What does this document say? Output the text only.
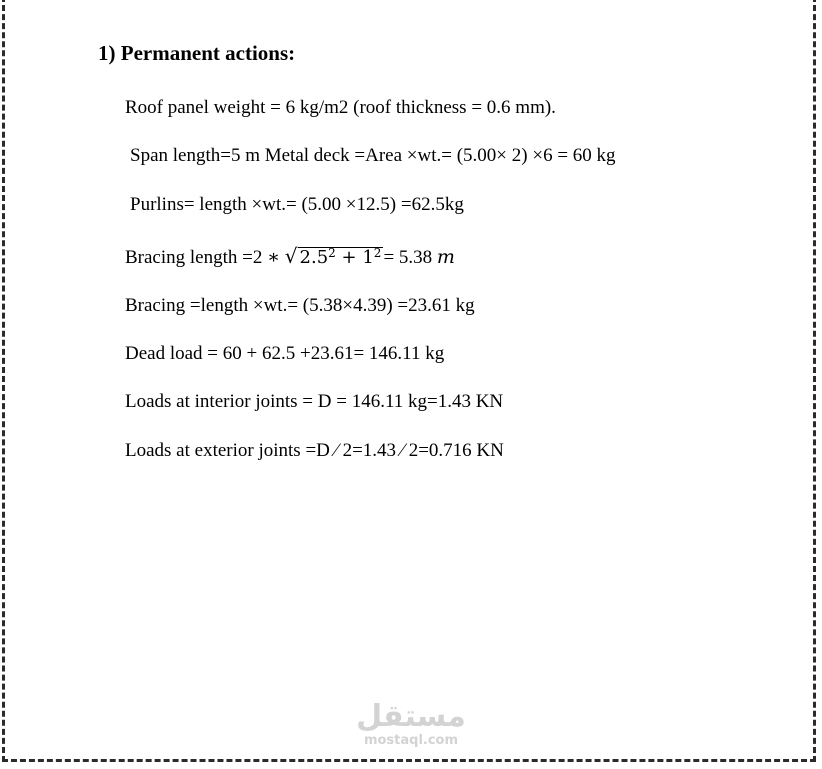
1) Permanent actions:
Roof panel weight = 6 kg/m2 (roof thickness = 0.6 mm).
Span length=5 m Metal deck =Area ×wt.= (5.00× 2) ×6 = 60 kg
Purlins= length ×wt.= (5.00 ×12.5) =62.5kg
Bracing length =2 ∗ √ $2.5^2 + 1^2 = 5.38$ m
Bracing =length ×wt.= (5.38×4.39) =23.61 kg
Dead load = 60 + 62.5 +23.61= 146.11 kg
Loads at interior joints = D = 146.11 kg=1.43 KN
Loads at exterior joints =D ⁄ 2=1.43 ⁄ 2=0.716 KN
مستقل
mostaql.com
